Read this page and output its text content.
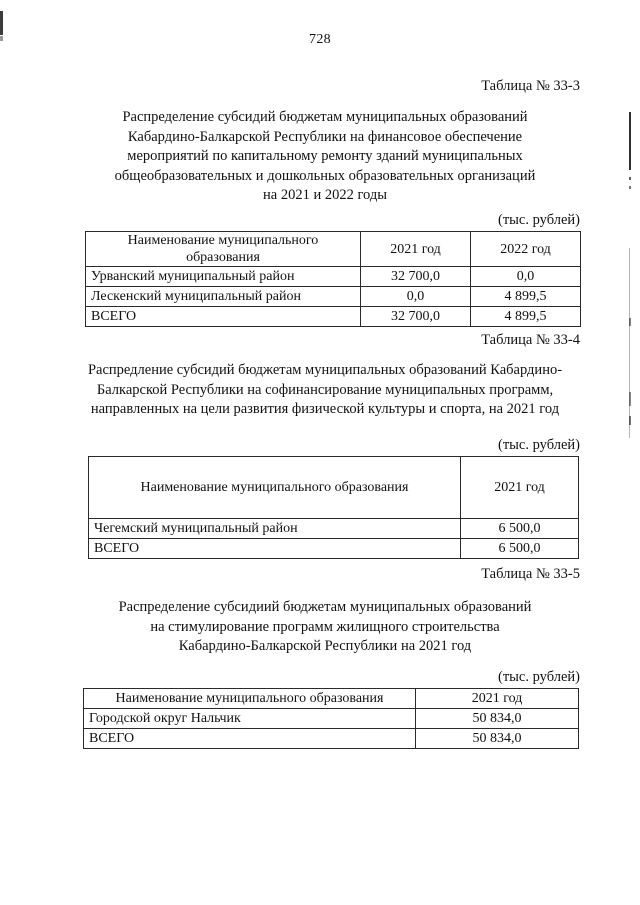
728
Таблица № 33-3
Распределение субсидий бюджетам муниципальных образований
Кабардино-Балкарской Республики на финансовое обеспечение
мероприятий по капитальному ремонту зданий муниципальных
общеобразовательных и дошкольных образовательных организаций
на 2021 и 2022 годы
(тыс. рублей)
Наименование муниципального образования	2021 год	2022 год
Урванский муниципальный район	32 700,0	0,0
Лескенский муниципальный район	0,0	4 899,5
ВСЕГО	32 700,0	4 899,5
Таблица № 33-4
Распредление субсидий бюджетам муниципальных образований Кабардино-
Балкарской Республики на софинансирование муниципальных программ,
направленных на цели развития физической культуры и спорта, на 2021 год
(тыс. рублей)
Наименование муниципального образования	2021 год
Чегемский муниципальный район	6 500,0
ВСЕГО	6 500,0
Таблица № 33-5
Распределение субсидиий бюджетам муниципальных образований
на стимулирование программ жилищного строительства
Кабардино-Балкарской Республики на 2021 год
(тыс. рублей)
Наименование муниципального образования	2021 год
Городской округ Нальчик	50 834,0
ВСЕГО	50 834,0
